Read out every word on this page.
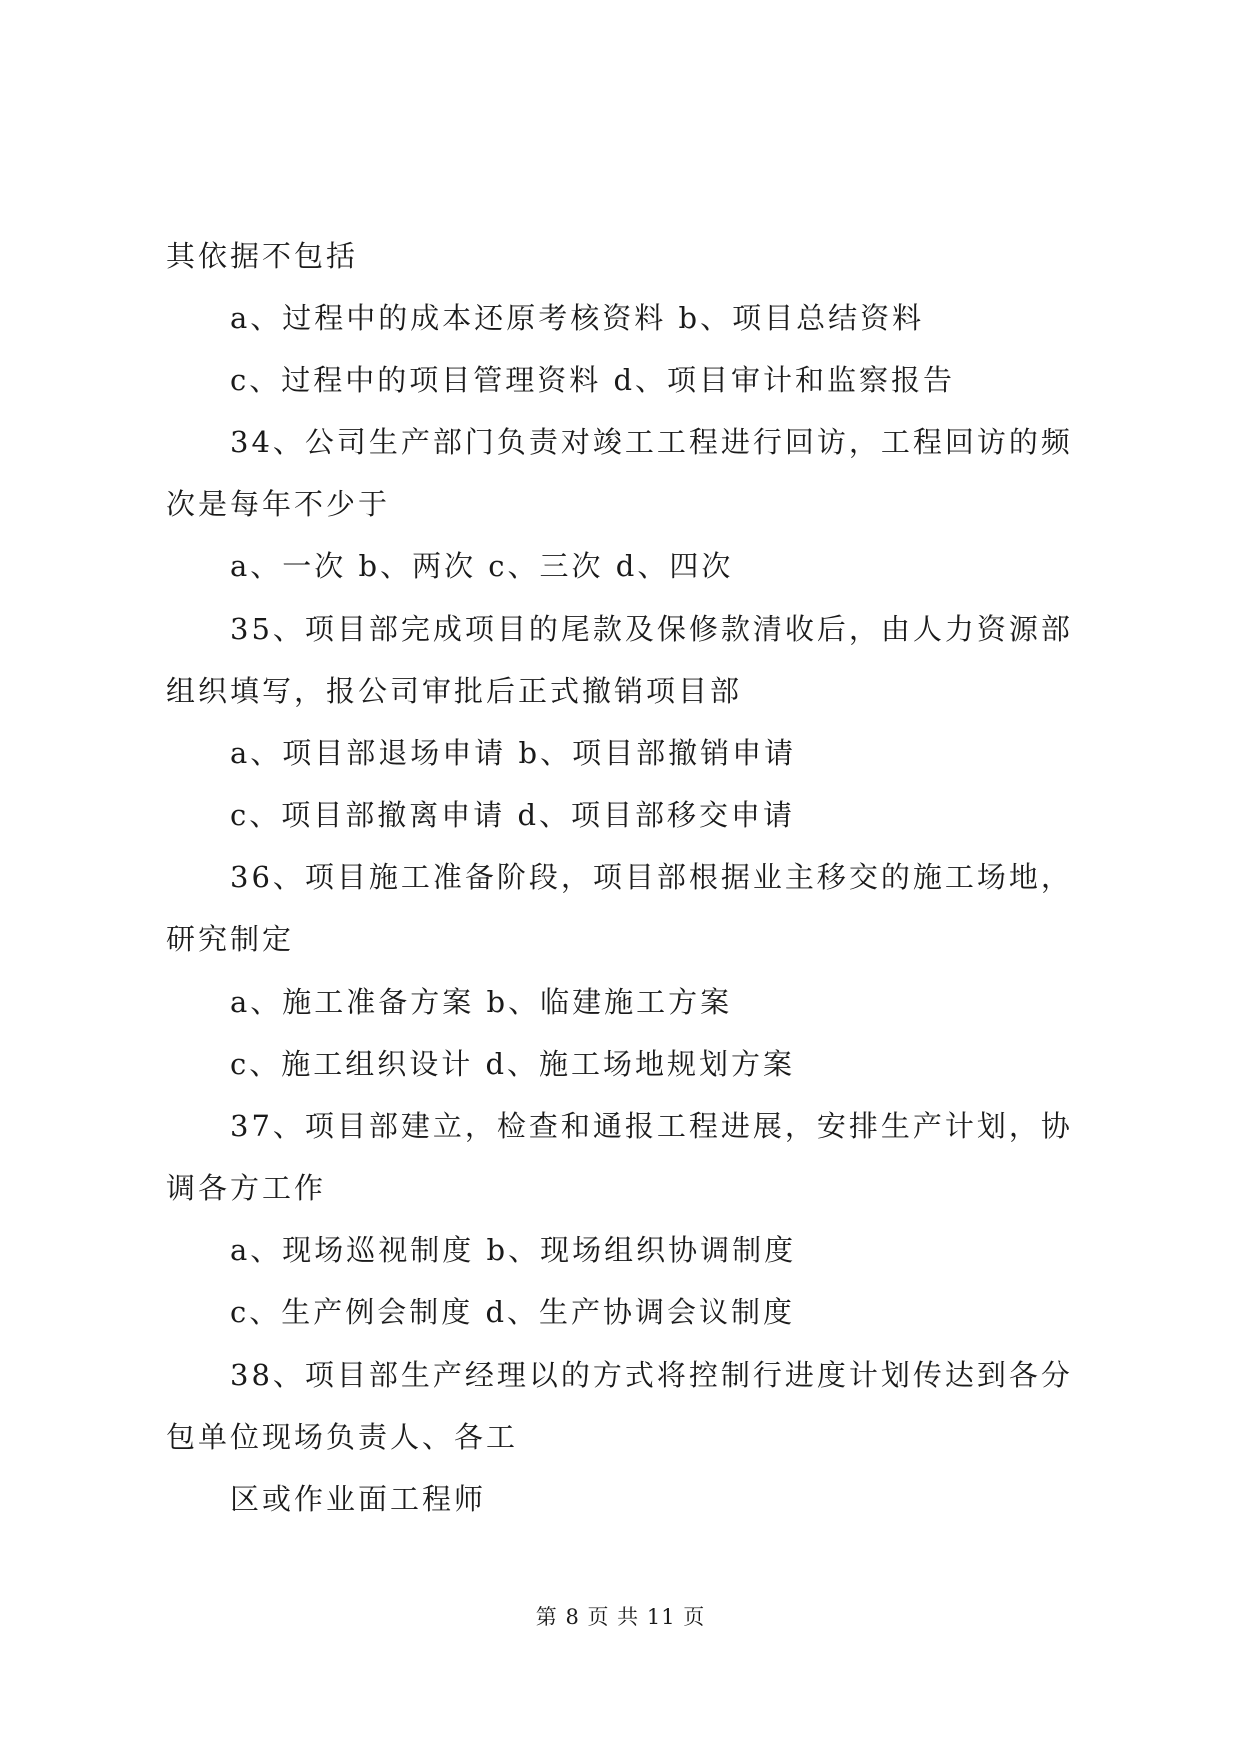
其依据不包括
a、过程中的成本还原考核资料 b、项目总结资料
c、过程中的项目管理资料 d、项目审计和监察报告
34、公司生产部门负责对竣工工程进行回访，工程回访的频
次是每年不少于
a、一次 b、两次 c、三次 d、四次
35、项目部完成项目的尾款及保修款清收后，由人力资源部
组织填写，报公司审批后正式撤销项目部
a、项目部退场申请 b、项目部撤销申请
c、项目部撤离申请 d、项目部移交申请
36、项目施工准备阶段，项目部根据业主移交的施工场地，
研究制定
a、施工准备方案 b、临建施工方案
c、施工组织设计 d、施工场地规划方案
37、项目部建立，检查和通报工程进展，安排生产计划，协
调各方工作
a、现场巡视制度 b、现场组织协调制度
c、生产例会制度 d、生产协调会议制度
38、项目部生产经理以的方式将控制行进度计划传达到各分
包单位现场负责人、各工
区或作业面工程师
第 8 页 共 11 页
